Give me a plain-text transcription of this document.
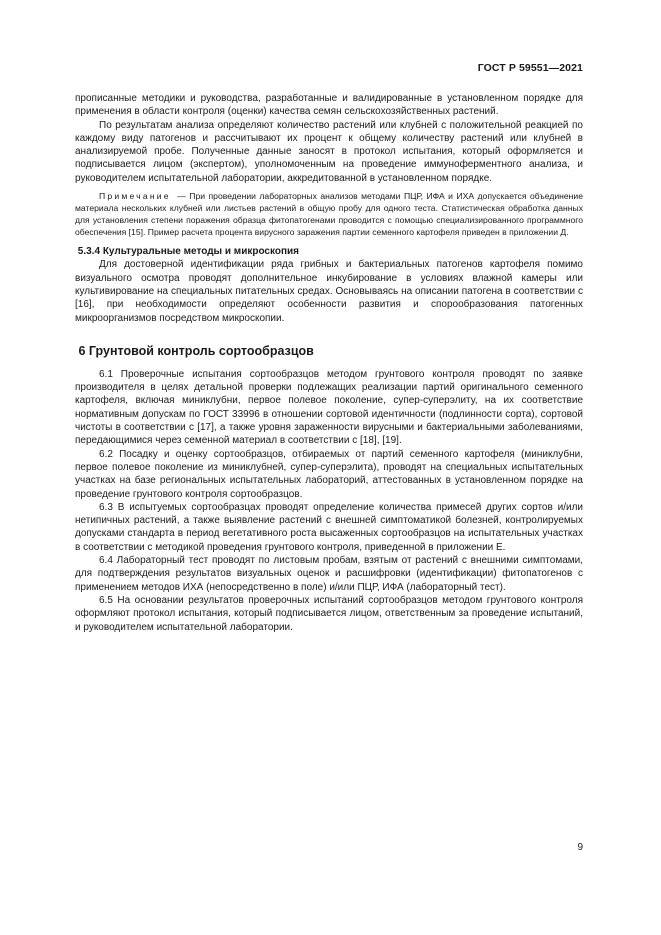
ГОСТ Р 59551—2021

прописанные методики и руководства, разработанные и валидированные в установленном порядке для применения в области контроля (оценки) качества семян сельскохозяйственных растений.

По результатам анализа определяют количество растений или клубней с положительной реакцией по каждому виду патогенов и рассчитывают их процент к общему количеству растений или клубней в анализируемой пробе. Полученные данные заносят в протокол испытания, который оформляется и подписывается лицом (экспертом), уполномоченным на проведение иммуноферментного анализа, и руководителем испытательной лаборатории, аккредитованной в установленном порядке.

Примечание — При проведении лабораторных анализов методами ПЦР, ИФА и ИХА допускается объединение материала нескольких клубней или листьев растений в общую пробу для одного теста. Статистическая обработка данных для установления степени поражения образца фитопатогенами проводится с помощью специализированного программного обеспечения [15]. Пример расчета процента вирусного заражения партии семенного картофеля приведен в приложении Д.
5.3.4 Культуральные методы и микроскопия

Для достоверной идентификации ряда грибных и бактериальных патогенов картофеля помимо визуального осмотра проводят дополнительное инкубирование в условиях влажной камеры или культивирование на специальных питательных средах. Основываясь на описании патогена в соответствии с [16], при необходимости определяют особенности развития и спорообразования патогенных микроорганизмов посредством микроскопии.

6 Грунтовой контроль сортообразцов

6.1 Проверочные испытания сортообразцов методом грунтового контроля проводят по заявке производителя в целях детальной проверки подлежащих реализации партий оригинального семенного картофеля, включая миниклубни, первое полевое поколение, супер-суперэлиту, на их соответствие нормативным допускам по ГОСТ 33996 в отношении сортовой идентичности (подлинности сорта), сортовой чистоты в соответствии с [17], а также уровня зараженности вирусными и бактериальными заболеваниями, передающимися через семенной материал в соответствии с [18], [19].

6.2 Посадку и оценку сортообразцов, отбираемых от партий семенного картофеля (миниклубни, первое полевое поколение из миниклубней, супер-суперэлита), проводят на специальных испытательных участках на базе региональных испытательных лабораторий, аттестованных в установленном порядке на проведение грунтового контроля сортообразцов.

6.3 В испытуемых сортообразцах проводят определение количества примесей других сортов и/или нетипичных растений, а также выявление растений с внешней симптоматикой болезней, контролируемых допусками стандарта в период вегетативного роста высаженных сортообразцов на испытательных участках в соответствии с методикой проведения грунтового контроля, приведенной в приложении Е.

6.4 Лабораторный тест проводят по листовым пробам, взятым от растений с внешними симптомами, для подтверждения результатов визуальных оценок и расшифровки (идентификации) фитопатогенов с применением методов ИХА (непосредственно в поле) и/или ПЦР, ИФА (лабораторный тест).

6.5 На основании результатов проверочных испытаний сортообразцов методом грунтового контроля оформляют протокол испытания, который подписывается лицом, ответственным за проведение испытаний, и руководителем испытательной лаборатории.

9
